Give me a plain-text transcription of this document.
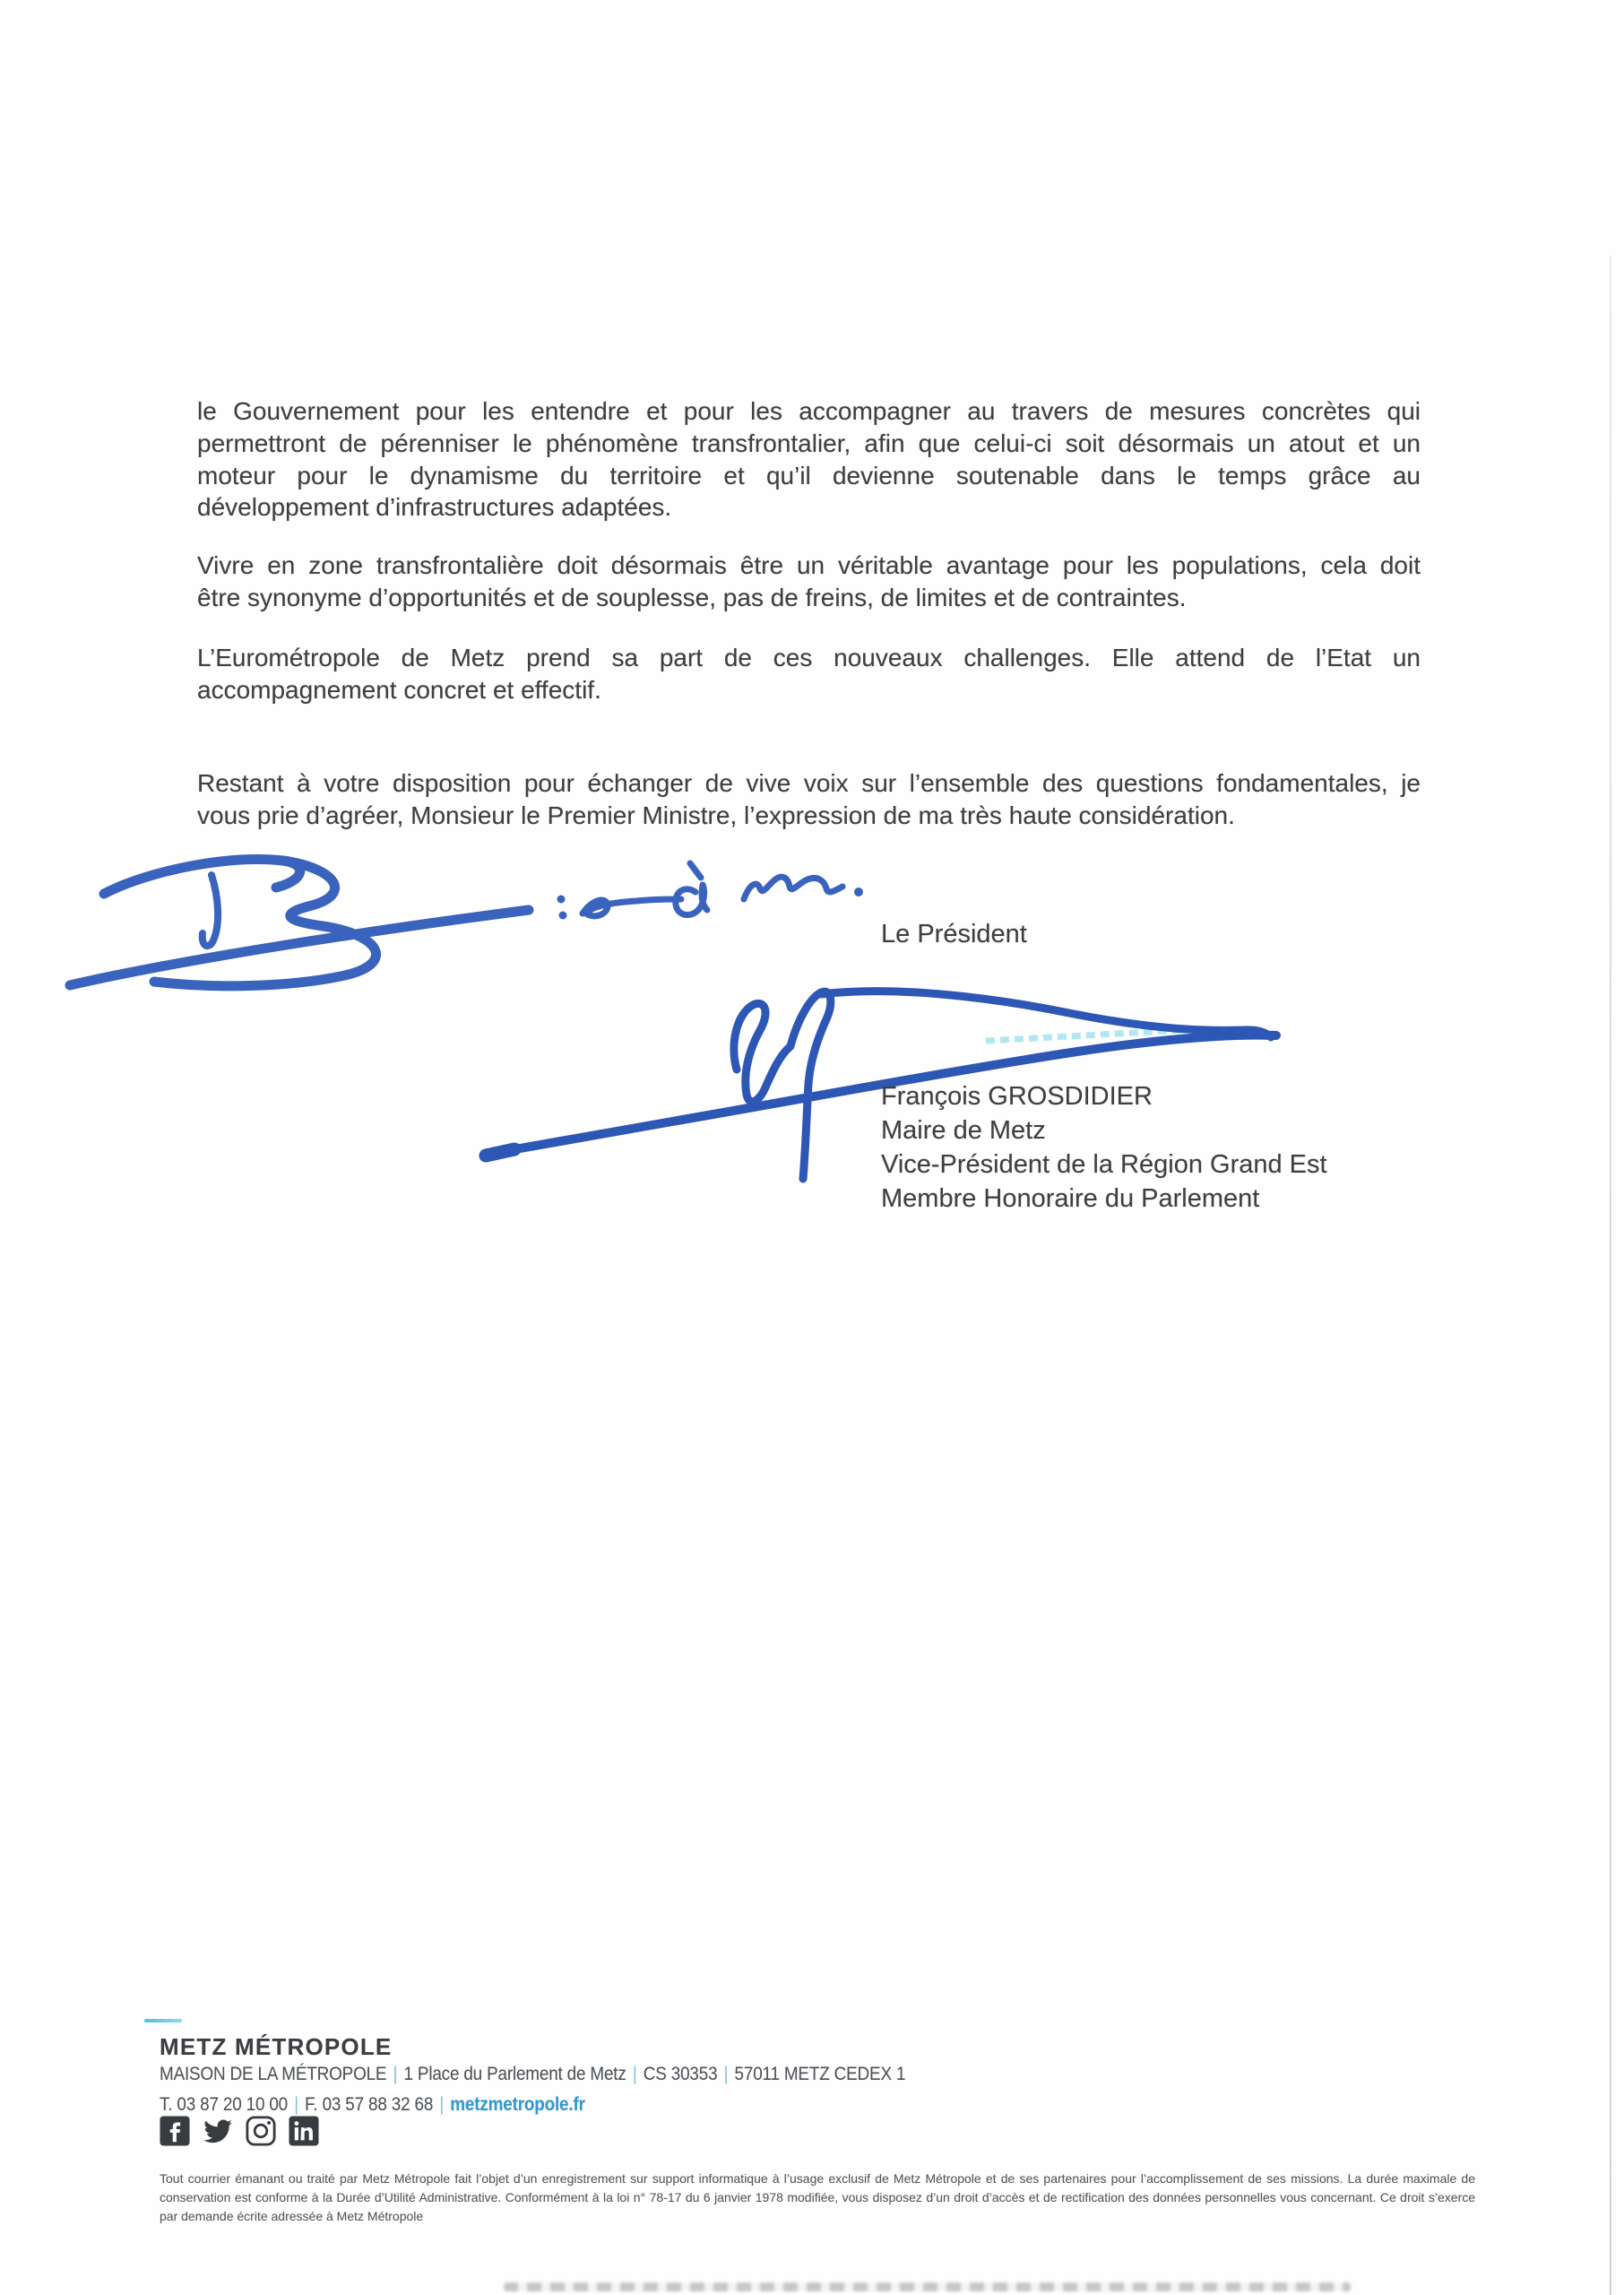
le Gouvernement pour les entendre et pour les accompagner au travers de mesures concrètes qui
permettront de pérenniser le phénomène transfrontalier, afin que celui-ci soit désormais un atout et un
moteur pour le dynamisme du territoire et qu’il devienne soutenable dans le temps grâce au
développement d’infrastructures adaptées.
Vivre en zone transfrontalière doit désormais être un véritable avantage pour les populations, cela doit
être synonyme d’opportunités et de souplesse, pas de freins, de limites et de contraintes.
L’Eurométropole de Metz prend sa part de ces nouveaux challenges. Elle attend de l’Etat un
accompagnement concret et effectif.
Restant à votre disposition pour échanger de vive voix sur l’ensemble des questions fondamentales, je
vous prie d’agréer, Monsieur le Premier Ministre, l’expression de ma très haute considération.
Le Président
François GROSDIDIER
Maire de Metz
Vice-Président de la Région Grand Est
Membre Honoraire du Parlement
METZ MÉTROPOLE
MAISON DE LA MÉTROPOLE | 1 Place du Parlement de Metz | CS 30353 | 57011 METZ CEDEX 1
T. 03 87 20 10 00 | F. 03 57 88 32 68 | metzmetropole.fr
Tout courrier émanant ou traité par Metz Métropole fait l’objet d’un enregistrement sur support informatique à l’usage exclusif de Metz Métropole et de ses partenaires pour l’accomplissement de ses missions. La durée maximale de conservation est conforme à la Durée d’Utilité Administrative. Conformément à la loi n° 78-17 du 6 janvier 1978 modifiée, vous disposez d’un droit d’accès et de rectification des données personnelles vous concernant. Ce droit s’exerce par demande écrite adressée à Metz Métropole
